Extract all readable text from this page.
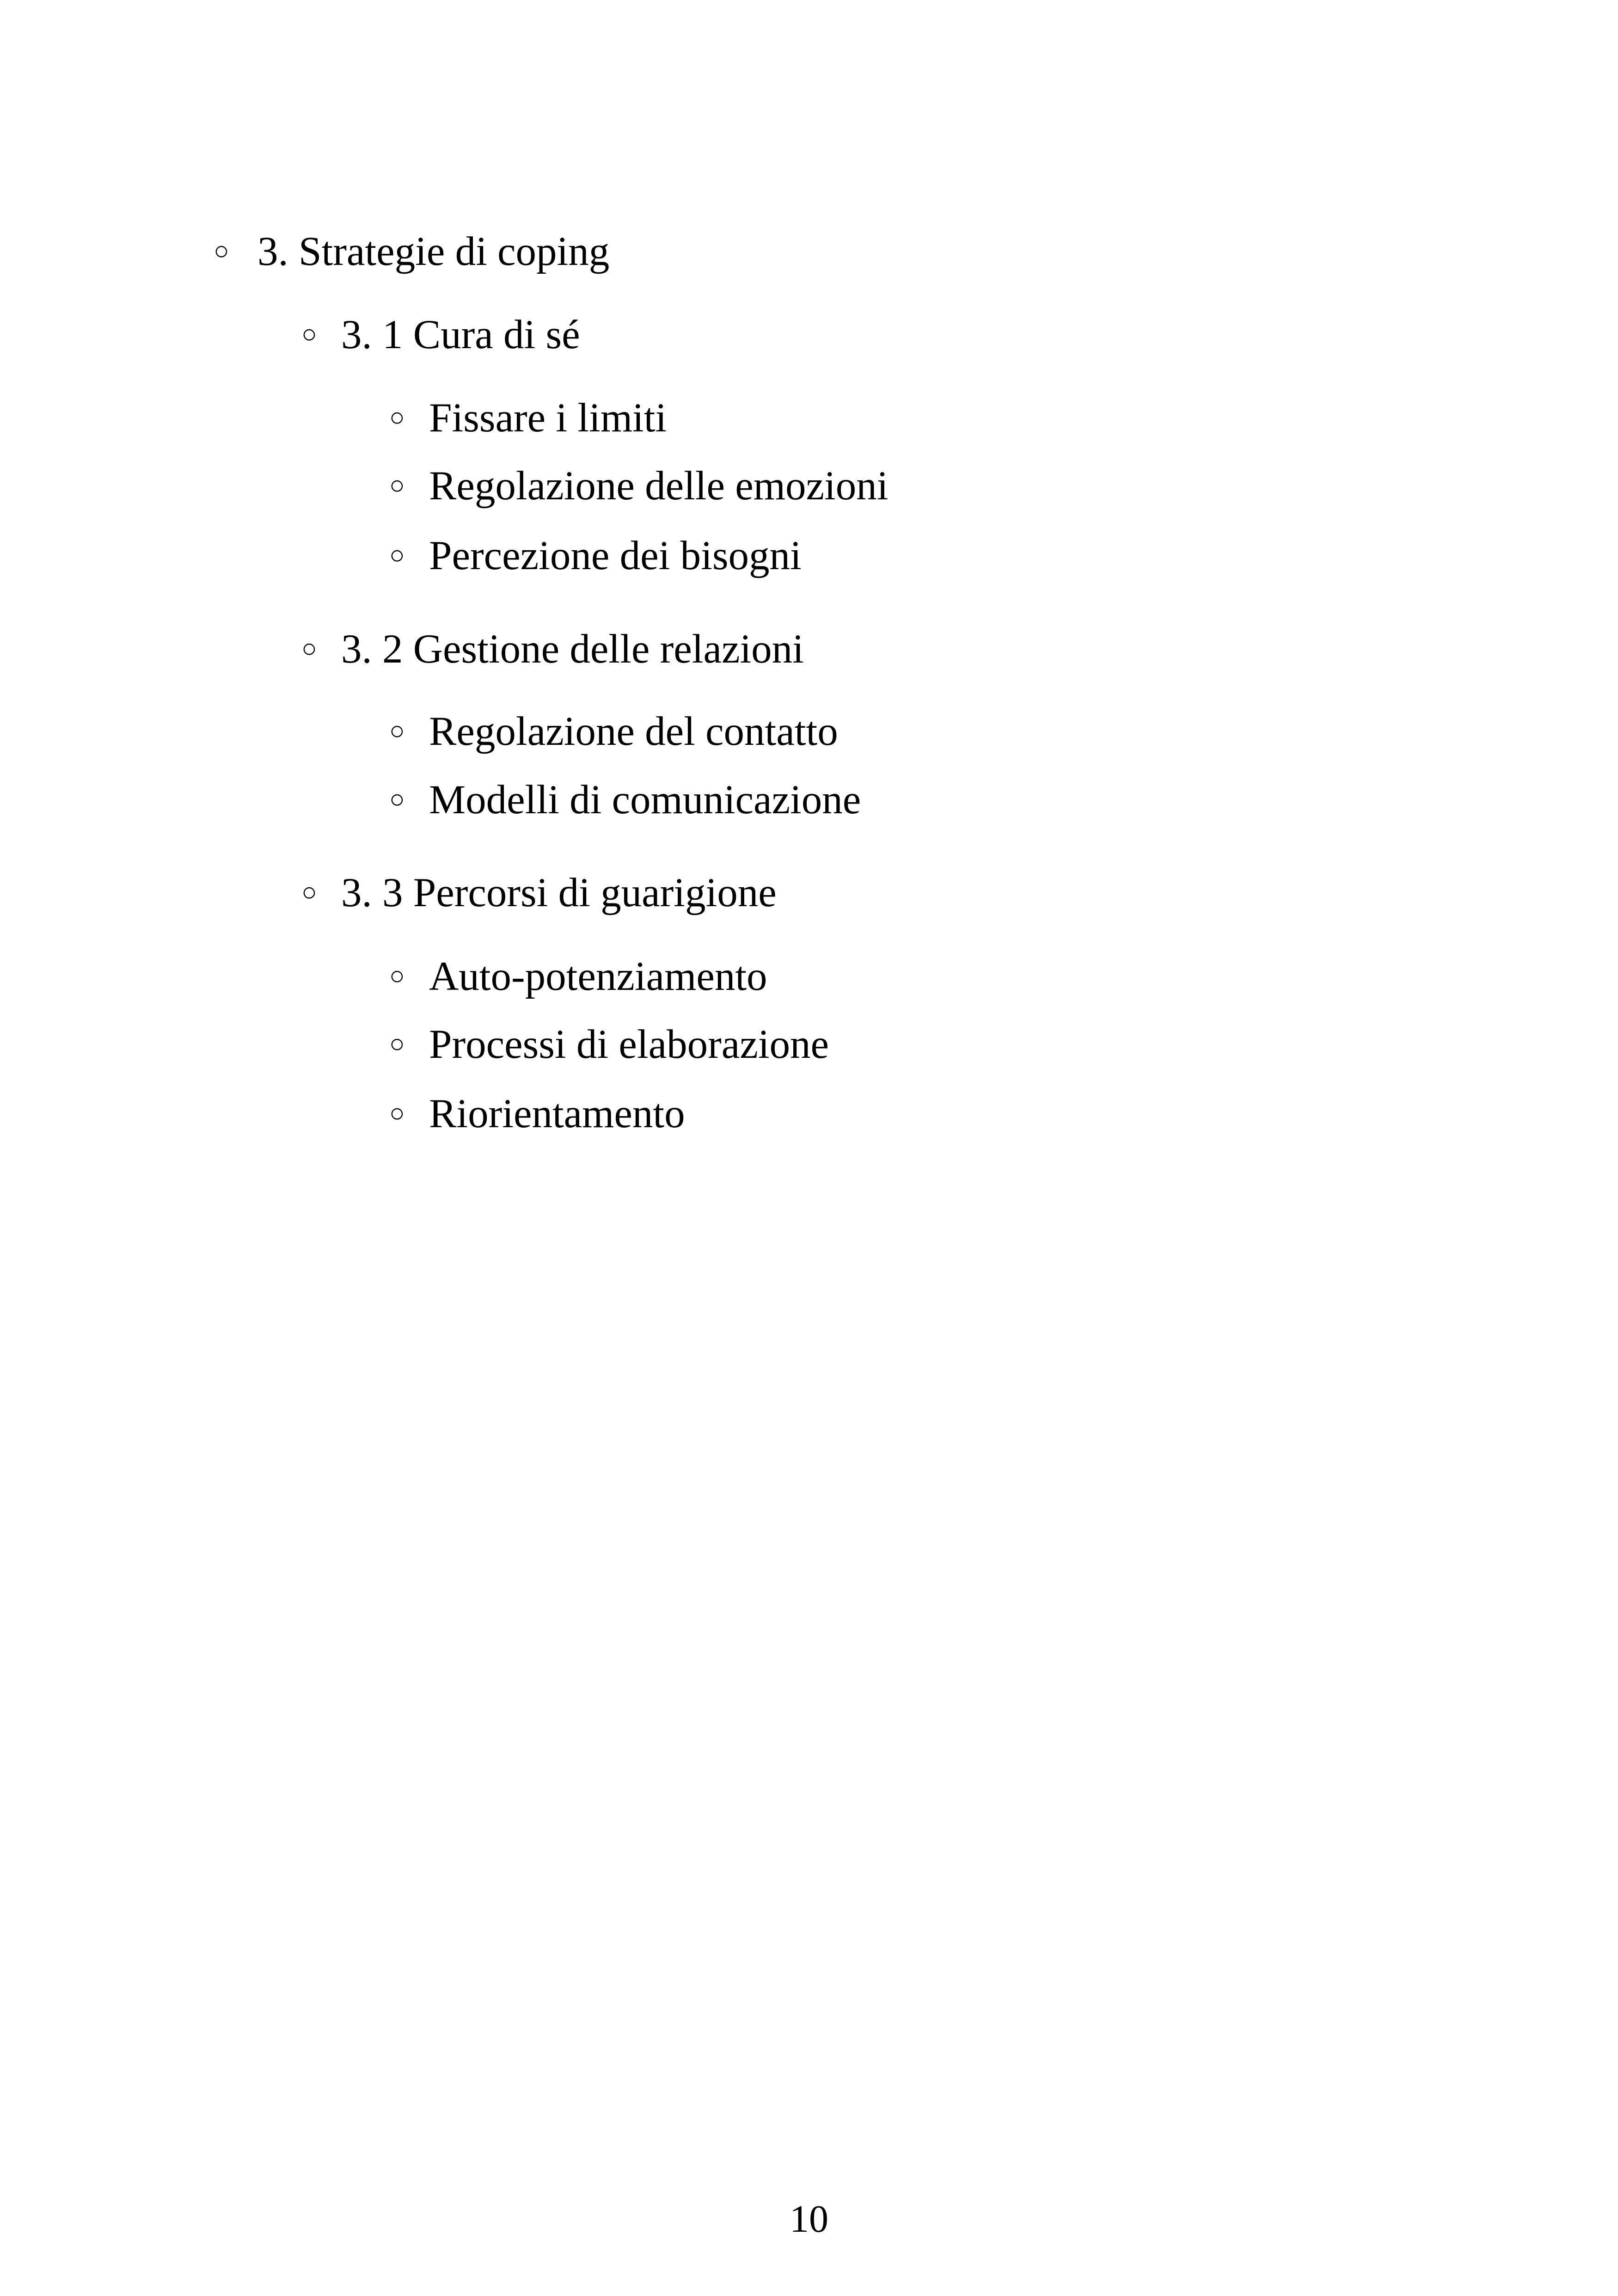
○ 3. Strategie di coping
○ 3. 1 Cura di sé
○ Fissare i limiti
○ Regolazione delle emozioni
○ Percezione dei bisogni
○ 3. 2 Gestione delle relazioni
○ Regolazione del contatto
○ Modelli di comunicazione
○ 3. 3 Percorsi di guarigione
○ Auto-potenziamento
○ Processi di elaborazione
○ Riorientamento
10
